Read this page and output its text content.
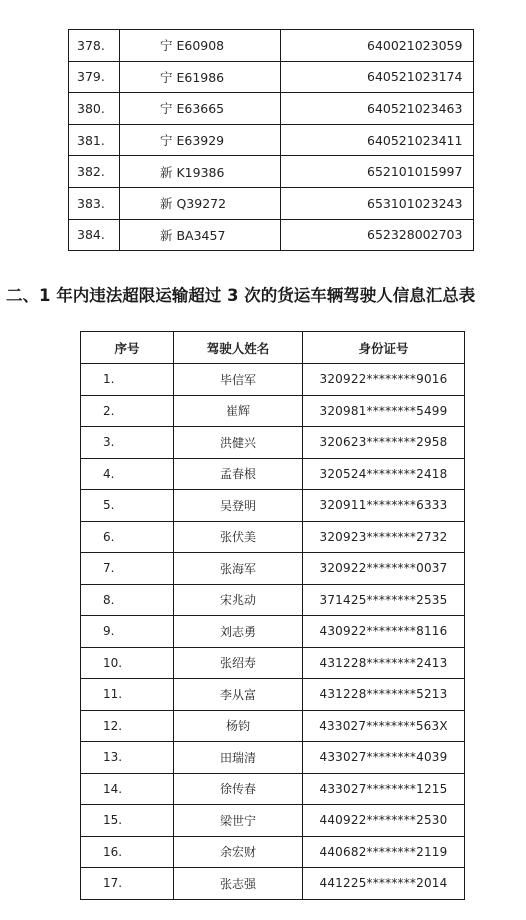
378.	宁 E60908	640021023059
379.	宁 E61986	640521023174
380.	宁 E63665	640521023463
381.	宁 E63929	640521023411
382.	新 K19386	652101015997
383.	新 Q39272	653101023243
384.	新 BA3457	652328002703
二、1 年内违法超限运输超过 3 次的货运车辆驾驶人信息汇总表
序号	驾驶人姓名	身份证号
1.	毕信军	320922********9016
2.	崔辉	320981********5499
3.	洪健兴	320623********2958
4.	孟春根	320524********2418
5.	吴登明	320911********6333
6.	张伏美	320923********2732
7.	张海军	320922********0037
8.	宋兆动	371425********2535
9.	刘志勇	430922********8116
10.	张绍寿	431228********2413
11.	李从富	431228********5213
12.	杨钧	433027********563X
13.	田瑞清	433027********4039
14.	徐传春	433027********1215
15.	梁世宁	440922********2530
16.	余宏财	440682********2119
17.	张志强	441225********2014
